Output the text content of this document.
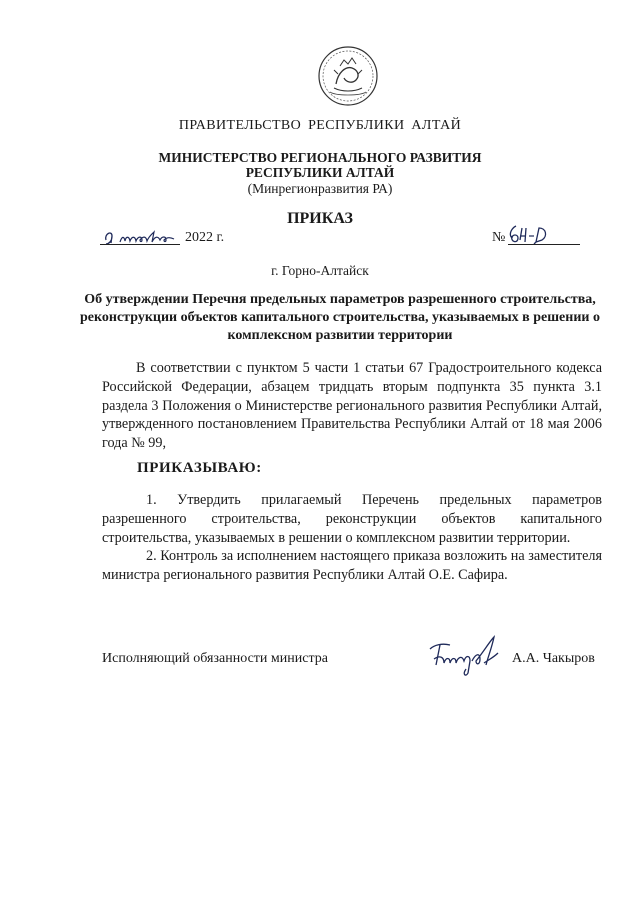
ПРАВИТЕЛЬСТВО РЕСПУБЛИКИ АЛТАЙ
МИНИСТЕРСТВО РЕГИОНАЛЬНОГО РАЗВИТИЯ
РЕСПУБЛИКИ АЛТАЙ
(Минрегионразвития РА)
ПРИКАЗ
2022 г.	№
г. Горно-Алтайск
Об утверждении Перечня предельных параметров разрешенного строительства, реконструкции объектов капитального строительства, указываемых в решении о комплексном развитии территории
В соответствии с пунктом 5 части 1 статьи 67 Градостроительного кодекса Российской Федерации, абзацем тридцать вторым подпункта 35 пункта 3.1 раздела 3 Положения о Министерстве регионального развития Республики Алтай, утвержденного постановлением Правительства Республики Алтай от 18 мая 2006 года № 99,
ПРИКАЗЫВАЮ:
1. Утвердить прилагаемый Перечень предельных параметров разрешенного строительства, реконструкции объектов капитального строительства, указываемых в решении о комплексном развитии территории.
2. Контроль за исполнением настоящего приказа возложить на заместителя министра регионального развития Республики Алтай О.Е. Сафира.
Исполняющий обязанности министра	А.А. Чакыров
